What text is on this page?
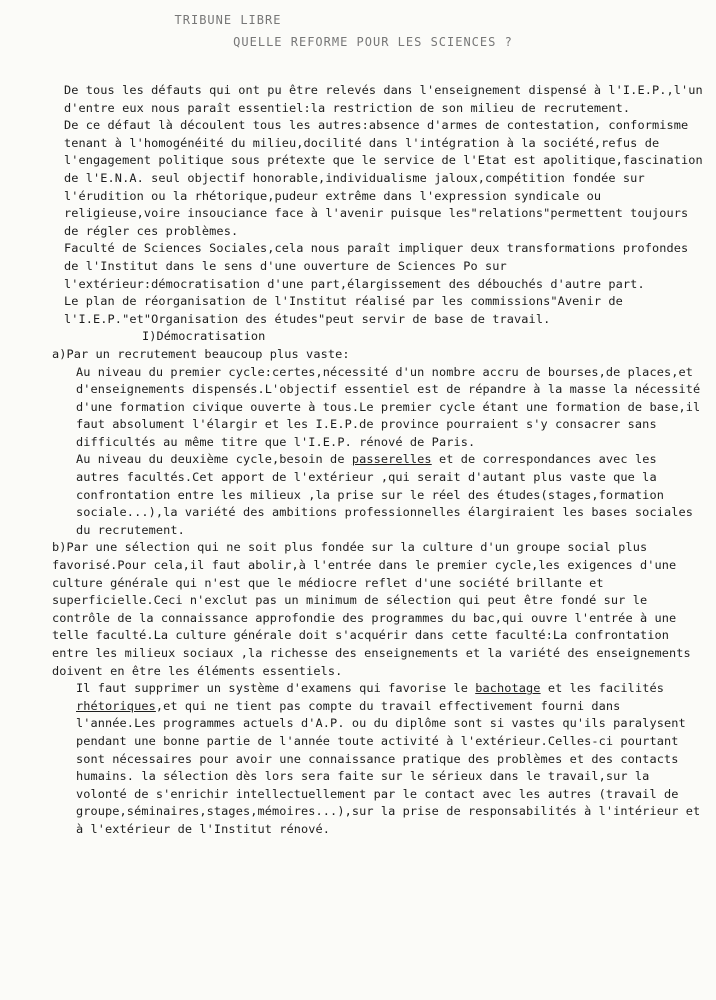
TRIBUNE LIBRE
QUELLE REFORME POUR LES SCIENCES ?

De tous les défauts qui ont pu être relevés dans l'enseignement dispensé à l'I.E.P.,l'un d'entre eux nous paraît essentiel:la restriction de son milieu de recrutement.

De ce défaut là découlent tous les autres:absence d'armes de contestation, conformisme tenant à l'homogénéité du milieu,docilité dans l'intégration à la société,refus de l'engagement politique sous prétexte que le service de l'Etat est apolitique,fascination de l'E.N.A. seul objectif honorable,individualisme jaloux,compétition fondée sur l'érudition ou la rhétorique,pudeur extrême dans l'expression syndicale ou religieuse,voire insouciance face à l'avenir puisque les"relations"permettent toujours de régler ces problèmes.

Faculté de Sciences Sociales,cela nous paraît impliquer deux transformations profondes de l'Institut dans le sens d'une ouverture de Sciences Po sur l'extérieur:démocratisation d'une part,élargissement des débouchés d'autre part.

Le plan de réorganisation de l'Institut réalisé par les commissions"Avenir de l'I.E.P."et"Organisation des études"peut servir de base de travail.

I)Démocratisation

a)Par un recrutement beaucoup plus vaste:

Au niveau du premier cycle:certes,nécessité d'un nombre accru de bourses,de places,et d'enseignements dispensés.L'objectif essentiel est de répandre à la masse la nécessité d'une formation civique ouverte à tous.Le premier cycle étant une formation de base,il faut absolument l'élargir et les I.E.P.de province pourraient s'y consacrer sans difficultés au même titre que l'I.E.P. rénové de Paris.

Au niveau du deuxième cycle,besoin de passerelles et de correspondances avec les autres facultés.Cet apport de l'extérieur ,qui serait d'autant plus vaste que la confrontation entre les milieux ,la prise sur le réel des études(stages,formation sociale...),la variété des ambitions professionnelles élargiraient les bases sociales du recrutement.

b)Par une sélection qui ne soit plus fondée sur la culture d'un groupe social plus favorisé.Pour cela,il faut abolir,à l'entrée dans le premier cycle,les exigences d'une culture générale qui n'est que le médiocre reflet d'une société brillante et superficielle.Ceci n'exclut pas un minimum de sélection qui peut être fondé sur le contrôle de la connaissance approfondie des programmes du bac,qui ouvre l'entrée à une telle faculté.La culture générale doit s'acquérir dans cette faculté:La confrontation entre les milieux sociaux ,la richesse des enseignements et la variété des enseignements doivent en être les éléments essentiels.

Il faut supprimer un système d'examens qui favorise le bachotage et les facilités rhétoriques,et qui ne tient pas compte du travail effectivement fourni dans l'année.Les programmes actuels d'A.P. ou du diplôme sont si vastes qu'ils paralysent pendant une bonne partie de l'année toute activité à l'extérieur.Celles-ci pourtant sont nécessaires pour avoir une connaissance pratique des problèmes et des contacts humains. la sélection dès lors sera faite sur le sérieux dans le travail,sur la volonté de s'enrichir intellectuellement par le contact avec les autres (travail de groupe,séminaires,stages,mémoires...),sur la prise de responsabilités à l'intérieur et à l'extérieur de l'Institut rénové.
